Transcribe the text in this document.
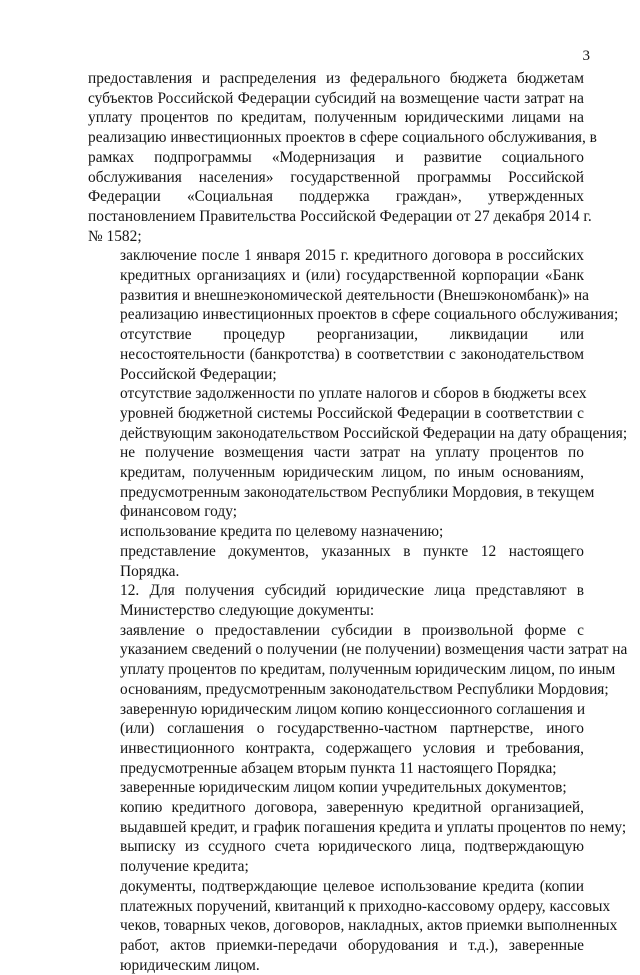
3

предоставления и распределения из федерального бюджета бюджетам
субъектов Российской Федерации субсидий на возмещение части затрат на
уплату процентов по кредитам, полученным юридическими лицами на
реализацию инвестиционных проектов в сфере социального обслуживания, в
рамках подпрограммы «Модернизация и развитие социального
обслуживания населения» государственной программы Российской
Федерации «Социальная поддержка граждан», утвержденных
постановлением Правительства Российской Федерации от 27 декабря 2014 г.
№ 1582;

заключение после 1 января 2015 г. кредитного договора в российских
кредитных организациях и (или) государственной корпорации «Банк
развития и внешнеэкономической деятельности (Внешэкономбанк)» на
реализацию инвестиционных проектов в сфере социального обслуживания;

отсутствие процедур реорганизации, ликвидации или
несостоятельности (банкротства) в соответствии с законодательством
Российской Федерации;

отсутствие задолженности по уплате налогов и сборов в бюджеты всех
уровней бюджетной системы Российской Федерации в соответствии с
действующим законодательством Российской Федерации на дату обращения;

не получение возмещения части затрат на уплату процентов по
кредитам, полученным юридическим лицом, по иным основаниям,
предусмотренным законодательством Республики Мордовия, в текущем
финансовом году;

использование кредита по целевому назначению;

представление документов, указанных в пункте 12 настоящего
Порядка.

12. Для получения субсидий юридические лица представляют в
Министерство следующие документы:

заявление о предоставлении субсидии в произвольной форме с
указанием сведений о получении (не получении) возмещения части затрат на
уплату процентов по кредитам, полученным юридическим лицом, по иным
основаниям, предусмотренным законодательством Республики Мордовия;

заверенную юридическим лицом копию концессионного соглашения и
(или) соглашения о государственно-частном партнерстве, иного
инвестиционного контракта, содержащего условия и требования,
предусмотренные абзацем вторым пункта 11 настоящего Порядка;

заверенные юридическим лицом копии учредительных документов;

копию кредитного договора, заверенную кредитной организацией,
выдавшей кредит, и график погашения кредита и уплаты процентов по нему;

выписку из ссудного счета юридического лица, подтверждающую
получение кредита;

документы, подтверждающие целевое использование кредита (копии
платежных поручений, квитанций к приходно-кассовому ордеру, кассовых
чеков, товарных чеков, договоров, накладных, актов приемки выполненных
работ, актов приемки-передачи оборудования и т.д.), заверенные
юридическим лицом.
